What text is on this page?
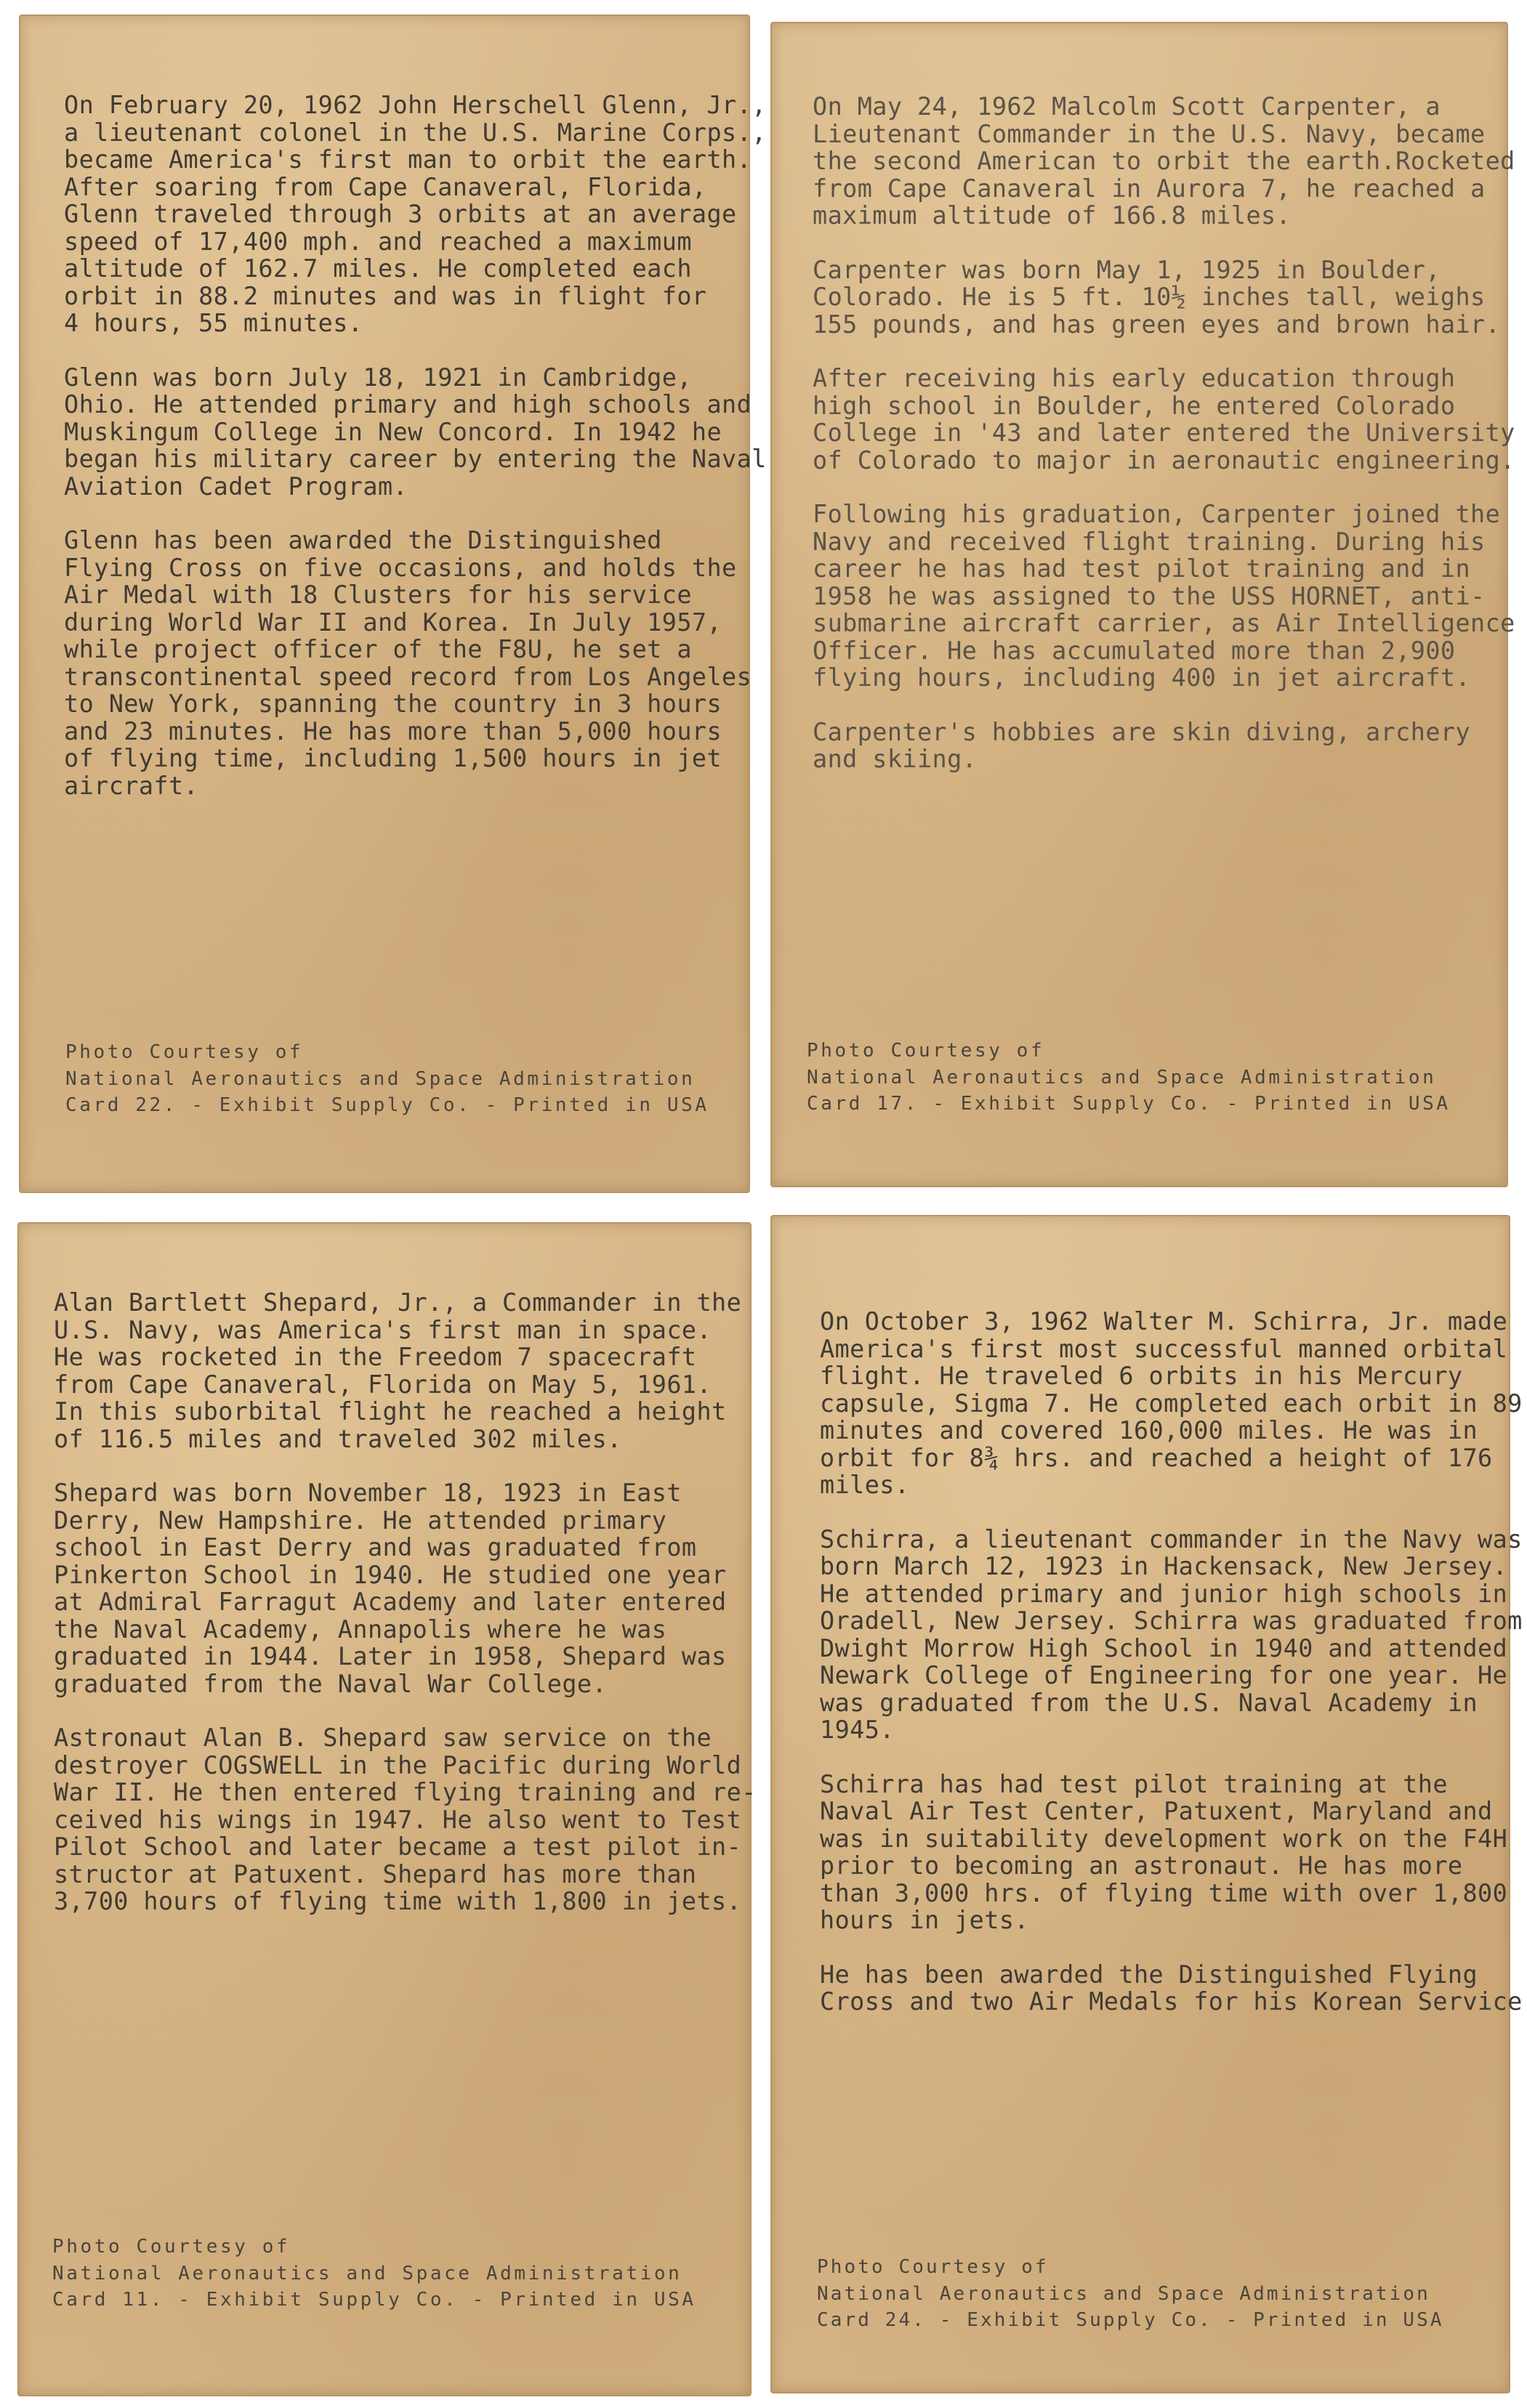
On February 20, 1962 John Herschell Glenn, Jr.,
a lieutenant colonel in the U.S. Marine Corps.,
became America's first man to orbit the earth.
After soaring from Cape Canaveral, Florida,
Glenn traveled through 3 orbits at an average
speed of 17,400 mph. and reached a maximum
altitude of 162.7 miles. He completed each
orbit in 88.2 minutes and was in flight for
4 hours, 55 minutes.
Glenn was born July 18, 1921 in Cambridge,
Ohio. He attended primary and high schools and
Muskingum College in New Concord. In 1942 he
began his military career by entering the Naval
Aviation Cadet Program.
Glenn has been awarded the Distinguished
Flying Cross on five occasions, and holds the
Air Medal with 18 Clusters for his service
during World War II and Korea. In July 1957,
while project officer of the F8U, he set a
transcontinental speed record from Los Angeles
to New York, spanning the country in 3 hours
and 23 minutes. He has more than 5,000 hours
of flying time, including 1,500 hours in jet
aircraft.
Photo Courtesy of
National Aeronautics and Space Administration
Card 22. - Exhibit Supply Co. - Printed in USA
On May 24, 1962 Malcolm Scott Carpenter, a
Lieutenant Commander in the U.S. Navy, became
the second American to orbit the earth.Rocketed
from Cape Canaveral in Aurora 7, he reached a
maximum altitude of 166.8 miles.
Carpenter was born May 1, 1925 in Boulder,
Colorado. He is 5 ft. 10½ inches tall, weighs
155 pounds, and has green eyes and brown hair.
After receiving his early education through
high school in Boulder, he entered Colorado
College in '43 and later entered the University
of Colorado to major in aeronautic engineering.
Following his graduation, Carpenter joined the
Navy and received flight training. During his
career he has had test pilot training and in
1958 he was assigned to the USS HORNET, anti-
submarine aircraft carrier, as Air Intelligence
Officer. He has accumulated more than 2,900
flying hours, including 400 in jet aircraft.
Carpenter's hobbies are skin diving, archery
and skiing.
Photo Courtesy of
National Aeronautics and Space Administration
Card 17. - Exhibit Supply Co. - Printed in USA
Alan Bartlett Shepard, Jr., a Commander in the
U.S. Navy, was America's first man in space.
He was rocketed in the Freedom 7 spacecraft
from Cape Canaveral, Florida on May 5, 1961.
In this suborbital flight he reached a height
of 116.5 miles and traveled 302 miles.
Shepard was born November 18, 1923 in East
Derry, New Hampshire. He attended primary
school in East Derry and was graduated from
Pinkerton School in 1940. He studied one year
at Admiral Farragut Academy and later entered
the Naval Academy, Annapolis where he was
graduated in 1944. Later in 1958, Shepard was
graduated from the Naval War College.
Astronaut Alan B. Shepard saw service on the
destroyer COGSWELL in the Pacific during World
War II. He then entered flying training and re-
ceived his wings in 1947. He also went to Test
Pilot School and later became a test pilot in-
structor at Patuxent. Shepard has more than
3,700 hours of flying time with 1,800 in jets.
Photo Courtesy of
National Aeronautics and Space Administration
Card 11. - Exhibit Supply Co. - Printed in USA
On October 3, 1962 Walter M. Schirra, Jr. made
America's first most successful manned orbital
flight. He traveled 6 orbits in his Mercury
capsule, Sigma 7. He completed each orbit in 89
minutes and covered 160,000 miles. He was in
orbit for 8¾ hrs. and reached a height of 176
miles.
Schirra, a lieutenant commander in the Navy was
born March 12, 1923 in Hackensack, New Jersey.
He attended primary and junior high schools in
Oradell, New Jersey. Schirra was graduated from
Dwight Morrow High School in 1940 and attended
Newark College of Engineering for one year. He
was graduated from the U.S. Naval Academy in
1945.
Schirra has had test pilot training at the
Naval Air Test Center, Patuxent, Maryland and
was in suitability development work on the F4H
prior to becoming an astronaut. He has more
than 3,000 hrs. of flying time with over 1,800
hours in jets.
He has been awarded the Distinguished Flying
Cross and two Air Medals for his Korean Service
Photo Courtesy of
National Aeronautics and Space Administration
Card 24. - Exhibit Supply Co. - Printed in USA
